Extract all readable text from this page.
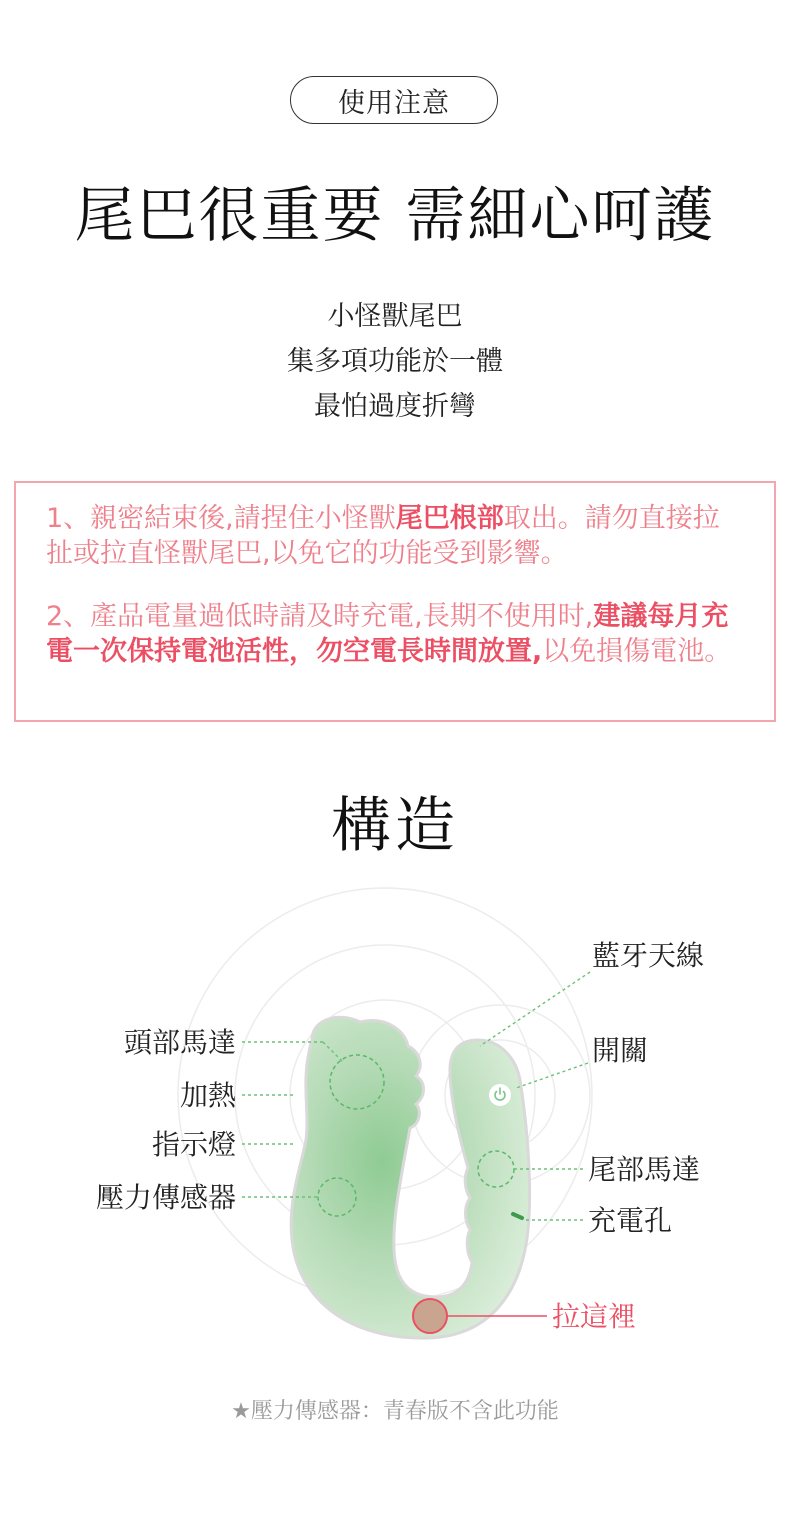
使用注意
尾巴很重要 需細心呵護
小怪獸尾巴
集多項功能於一體
最怕過度折彎

1、親密結束後,請捏住小怪獸尾巴根部取出。請勿直接拉扯或拉直怪獸尾巴,以免它的功能受到影響。

2、產品電量過低時請及時充電,長期不使用时,建議每月充電一次保持電池活性，勿空電長時間放置,以免損傷電池。

構造
藍牙天線
頭部馬達	開關
加熱
指示燈
尾部馬達
壓力傳感器
充電孔
拉這裡
★壓力傳感器：青春版不含此功能
